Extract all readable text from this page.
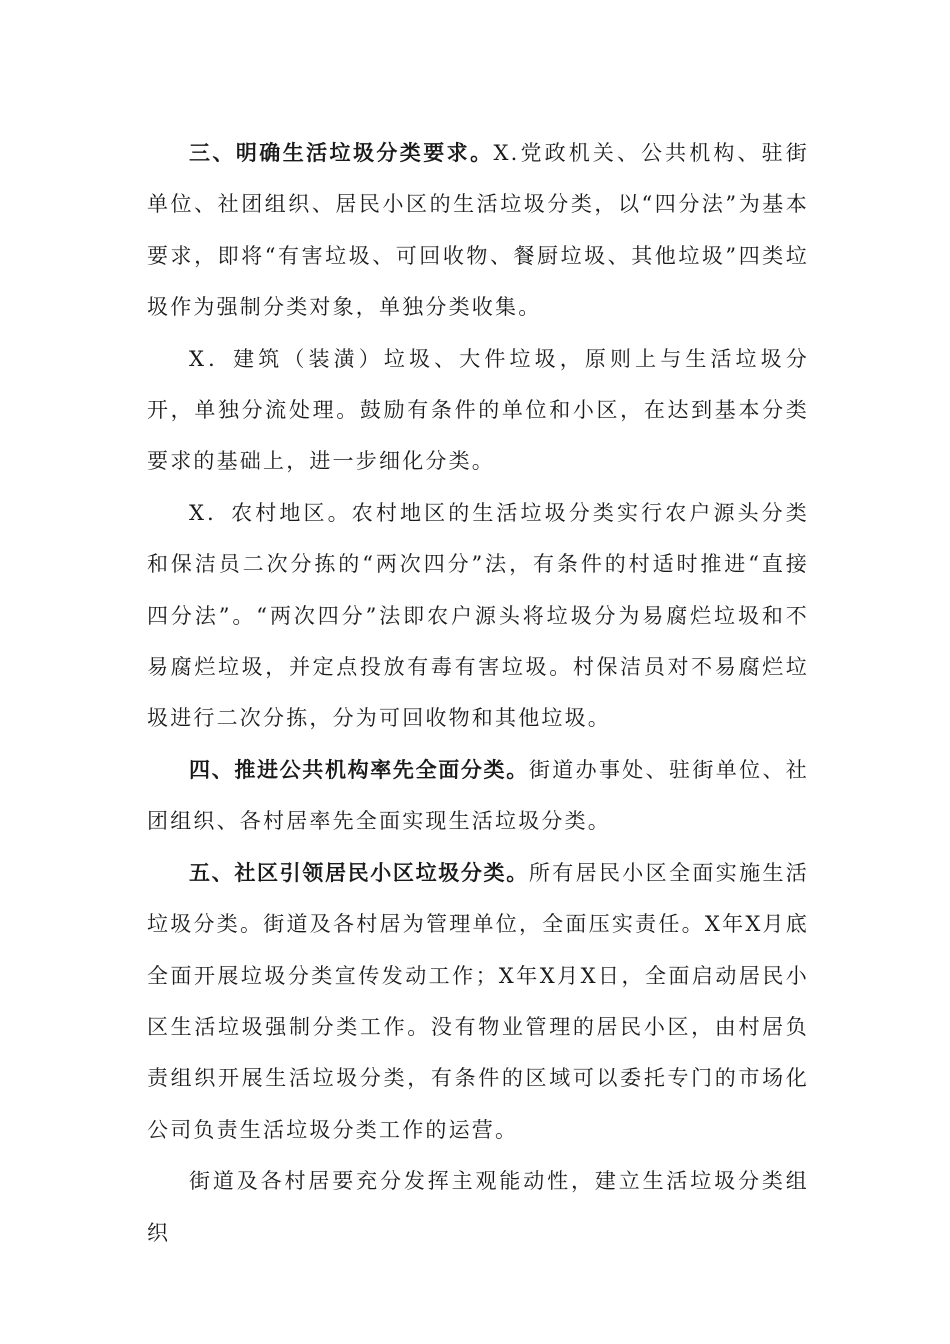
三、明确生活垃圾分类要求。X.党政机关、公共机构、驻街单位、社团组织、居民小区的生活垃圾分类，以“四分法”为基本要求，即将“有害垃圾、可回收物、餐厨垃圾、其他垃圾”四类垃圾作为强制分类对象，单独分类收集。

X．建筑（装潢）垃圾、大件垃圾，原则上与生活垃圾分开，单独分流处理。鼓励有条件的单位和小区，在达到基本分类要求的基础上，进一步细化分类。

X．农村地区。农村地区的生活垃圾分类实行农户源头分类和保洁员二次分拣的“两次四分”法，有条件的村适时推进“直接四分法”。“两次四分”法即农户源头将垃圾分为易腐烂垃圾和不易腐烂垃圾，并定点投放有毒有害垃圾。村保洁员对不易腐烂垃圾进行二次分拣，分为可回收物和其他垃圾。

四、推进公共机构率先全面分类。街道办事处、驻街单位、社团组织、各村居率先全面实现生活垃圾分类。

五、社区引领居民小区垃圾分类。所有居民小区全面实施生活垃圾分类。街道及各村居为管理单位，全面压实责任。X年X月底全面开展垃圾分类宣传发动工作；X年X月X日，全面启动居民小区生活垃圾强制分类工作。没有物业管理的居民小区，由村居负责组织开展生活垃圾分类，有条件的区域可以委托专门的市场化公司负责生活垃圾分类工作的运营。

街道及各村居要充分发挥主观能动性，建立生活垃圾分类组织
